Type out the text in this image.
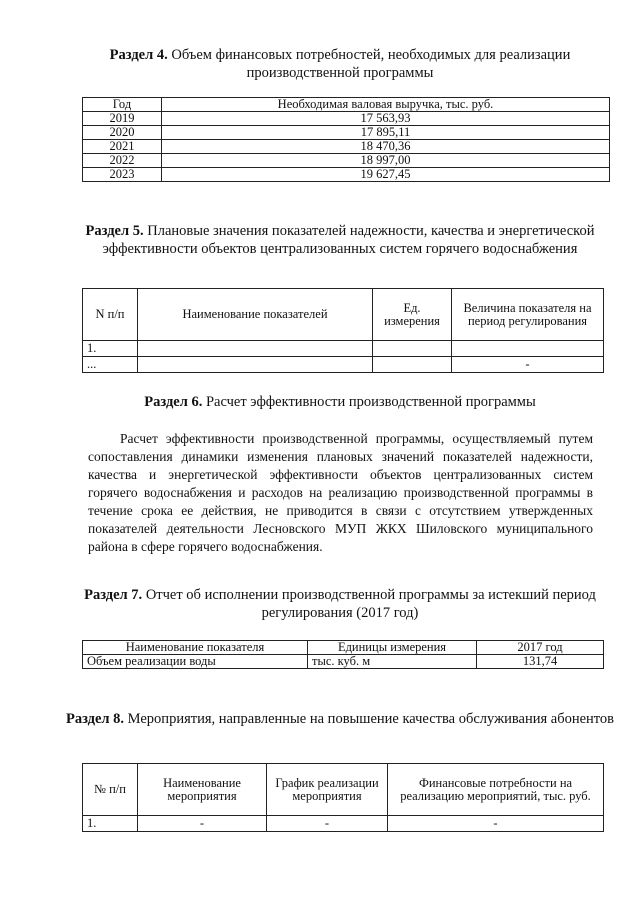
Раздел 4. Объем финансовых потребностей, необходимых для реализации производственной программы
Год	Необходимая валовая выручка, тыс. руб.
2019	17 563,93
2020	17 895,11
2021	18 470,36
2022	18 997,00
2023	19 627,45
Раздел 5. Плановые значения показателей надежности, качества и энергетической эффективности объектов централизованных систем горячего водоснабжения
N п/п	Наименование показателей	Ед. измерения	Величина показателя на период регулирования
1.			
...			-
Раздел 6. Расчет эффективности производственной программы
Расчет эффективности производственной программы, осуществляемый путем сопоставления динамики изменения плановых значений показателей надежности, качества и энергетической эффективности объектов централизованных систем горячего водоснабжения и расходов на реализацию производственной программы в течение срока ее действия, не приводится в связи с отсутствием утвержденных показателей деятельности Лесновского МУП ЖКХ Шиловского муниципального района в сфере горячего водоснабжения.
Раздел 7. Отчет об исполнении производственной программы за истекший период регулирования (2017 год)
Наименование показателя	Единицы измерения	2017 год
Объем реализации воды	тыс. куб. м	131,74
Раздел 8. Мероприятия, направленные на повышение качества обслуживания абонентов
№ п/п	Наименование мероприятия	График реализации мероприятия	Финансовые потребности на реализацию мероприятий, тыс. руб.
1.	-	-	-
